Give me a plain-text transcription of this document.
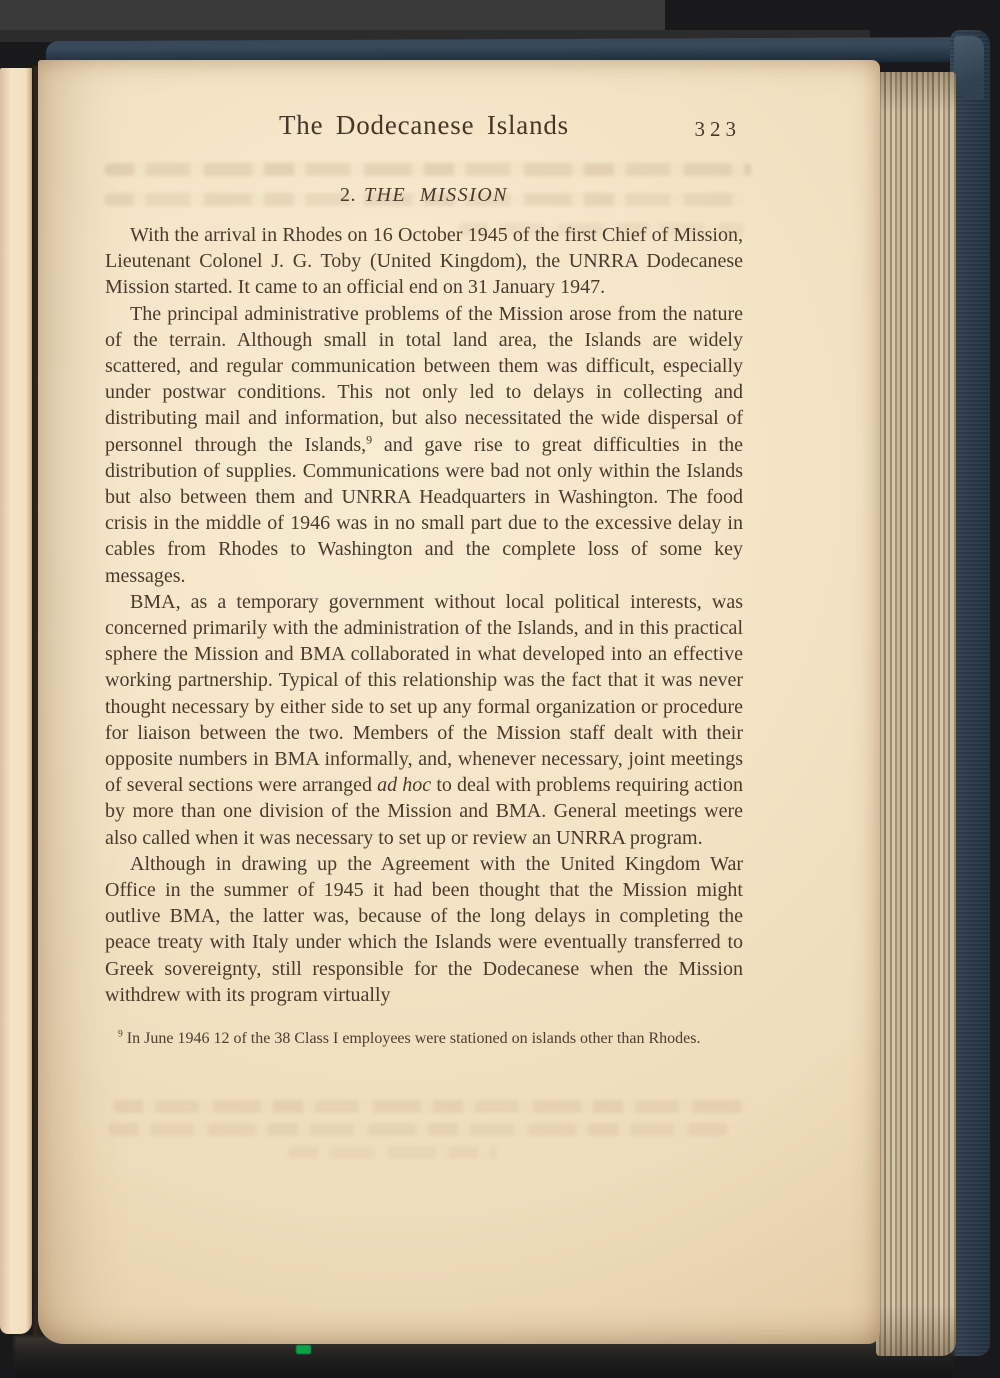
The Dodecanese Islands	323
2. THE MISSION

With the arrival in Rhodes on 16 October 1945 of the first Chief of Mission, Lieutenant Colonel J. G. Toby (United Kingdom), the UNRRA Dodecanese Mission started. It came to an official end on 31 January 1947.

The principal administrative problems of the Mission arose from the nature of the terrain. Although small in total land area, the Islands are widely scattered, and regular communication between them was difficult, especially under postwar conditions. This not only led to delays in collecting and distributing mail and information, but also necessitated the wide dispersal of personnel through the Islands,$^9$ and gave rise to great difficulties in the distribution of supplies. Communications were bad not only within the Islands but also between them and UNRRA Headquarters in Washington. The food crisis in the middle of 1946 was in no small part due to the excessive delay in cables from Rhodes to Washington and the complete loss of some key messages.

BMA, as a temporary government without local political interests, was concerned primarily with the administration of the Islands, and in this practical sphere the Mission and BMA collaborated in what developed into an effective working partnership. Typical of this relationship was the fact that it was never thought necessary by either side to set up any formal organization or procedure for liaison between the two. Members of the Mission staff dealt with their opposite numbers in BMA informally, and, whenever necessary, joint meetings of several sections were arranged ad hoc to deal with problems requiring action by more than one division of the Mission and BMA. General meetings were also called when it was necessary to set up or review an UNRRA program.

Although in drawing up the Agreement with the United Kingdom War Office in the summer of 1945 it had been thought that the Mission might outlive BMA, the latter was, because of the long delays in completing the peace treaty with Italy under which the Islands were eventually transferred to Greek sovereignty, still responsible for the Dodecanese when the Mission withdrew with its program virtually

$^9$ In June 1946 12 of the 38 Class I employees were stationed on islands other than Rhodes.
